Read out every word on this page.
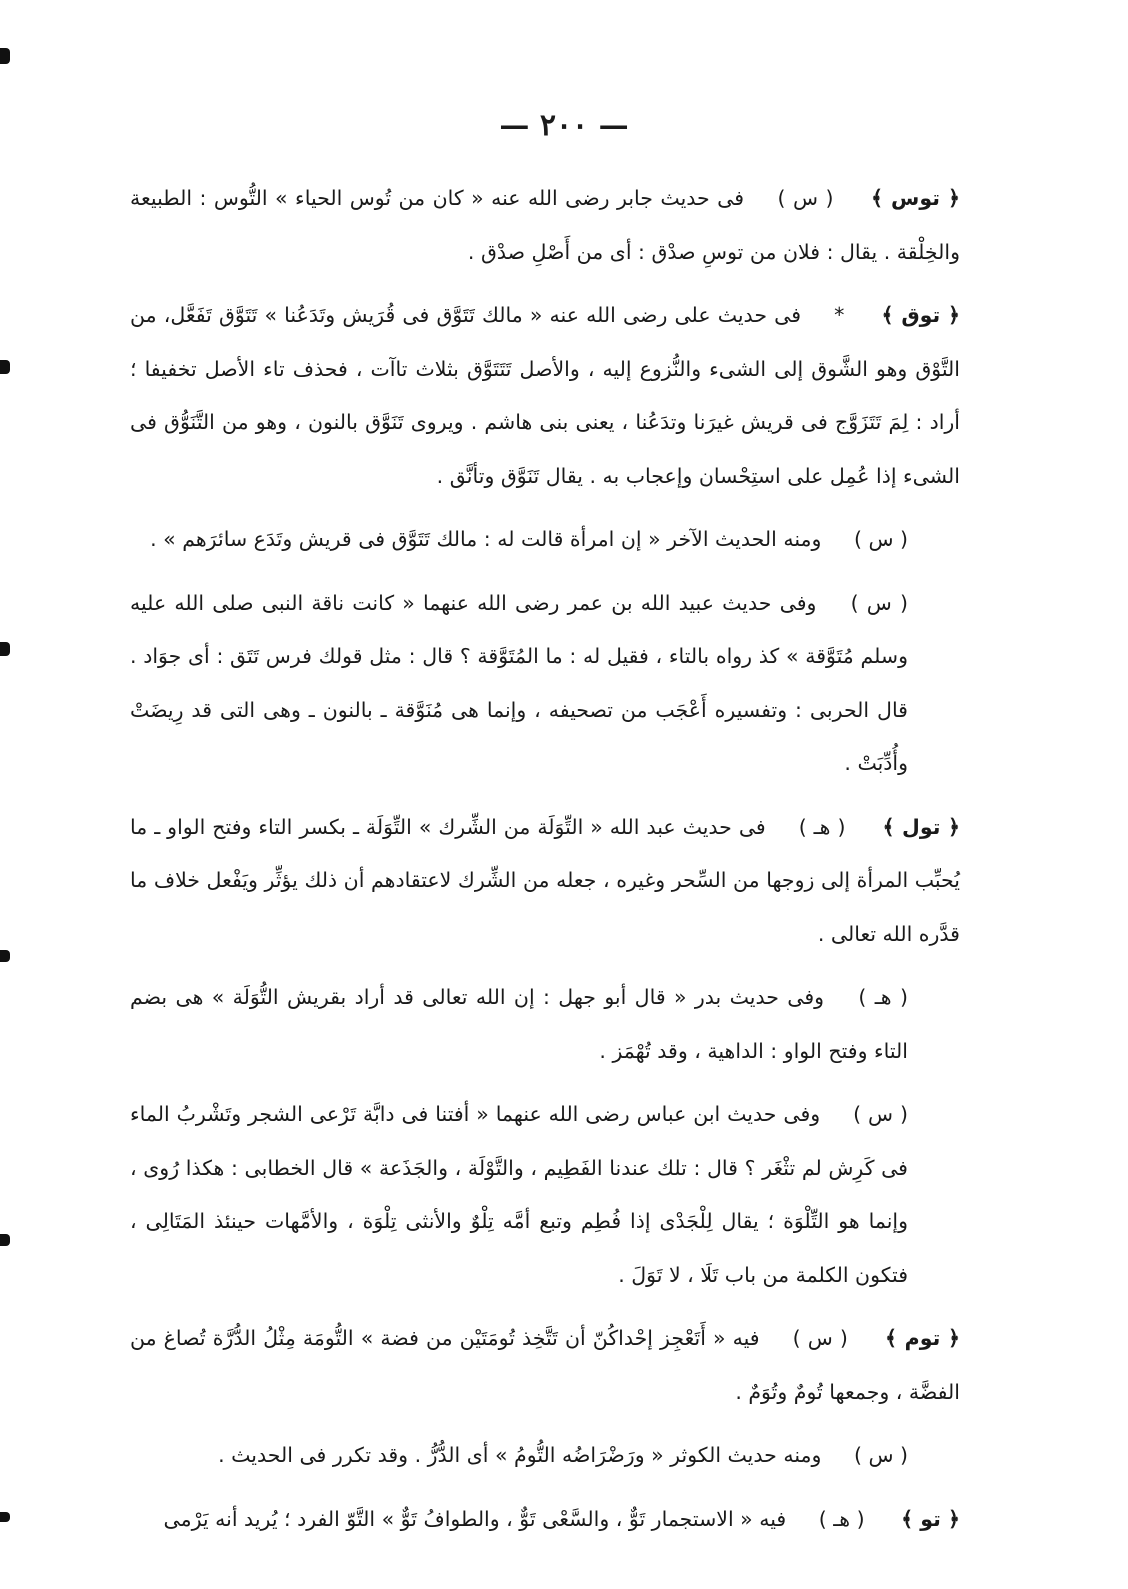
— ٢٠٠ —

﴿ توس ﴾ ( س ) فى حديث جابر رضى الله عنه « كان من تُوس الحياء » التُّوس : الطبيعة والخِلْقة . يقال : فلان من توسِ صدْق : أى من أَصْلِ صدْق .

﴿ توق ﴾ * فى حديث على رضى الله عنه « مالك تَتَوَّق فى قُرَيش وتَدَعُنا » تَتَوَّق تَفَعَّل، من التَّوْق وهو الشَّوق إلى الشىء والنُّزوع إليه ، والأصل تَتَتَوَّق بثلاث تاآت ، فحذف تاء الأصل تخفيفا ؛ أراد : لِمَ تَتَزَوَّج فى قريش غيرَنا وتدَعُنا ، يعنى بنى هاشم . ويروى تَنَوَّق بالنون ، وهو من التَّنَوُّق فى الشىء إذا عُمِل على استِحْسان وإعجاب به . يقال تَنَوَّق وتأنَّق .

( س ) ومنه الحديث الآخر « إن امرأة قالت له : مالك تَتَوَّق فى قريش وتَدَع سائرَهم » .

( س ) وفى حديث عبيد الله بن عمر رضى الله عنهما « كانت ناقة النبى صلى الله عليه وسلم مُتَوَّقة » كذ رواه بالتاء ، فقيل له : ما المُتَوَّقة ؟ قال : مثل قولك فرس تَتَق : أى جوَاد . قال الحربى : وتفسيره أَعْجَب من تصحيفه ، وإنما هى مُنَوَّقة ـ بالنون ـ وهى التى قد رِيضَتْ وأُدِّبَتْ .

﴿ تول ﴾ ( هـ ) فى حديث عبد الله « التِّوَلَة من الشِّرك » التِّوَلَة ـ بكسر التاء وفتح الواو ـ ما يُحبِّب المرأة إلى زوجها من السِّحر وغيره ، جعله من الشِّرك لاعتقادهم أن ذلك يؤثِّر ويَفْعل خلاف ما قدَّره الله تعالى .

( هـ ) وفى حديث بدر « قال أبو جهل : إن الله تعالى قد أراد بقريش التُّوَلَة » هى بضم التاء وفتح الواو : الداهية ، وقد تُهْمَز .

( س ) وفى حديث ابن عباس رضى الله عنهما « أفتنا فى دابَّة تَرْعى الشجر وتَشْربُ الماء فى كَرِش لم تثْغَر ؟ قال : تلك عندنا الفَطِيم ، والتَّوْلَة ، والجَذَعة » قال الخطابى : هكذا رُوى ، وإنما هو التِّلْوَة ؛ يقال لِلْجَدْى إذا فُطِم وتبع أمَّه تِلْوٌ والأنثى تِلْوَة ، والأمَّهات حينئذ المَتَالِى ، فتكون الكلمة من باب تَلَا ، لا تَوَلَ .

﴿ توم ﴾ ( س ) فيه « أَتَعْجِز إحْداكُنّ أن تَتَّخِذ تُومَتَيْن من فضة » التُّومَة مِثْلُ الدُّرَّة تُصاغ من الفضَّة ، وجمعها تُومٌ وتُوَمٌ .

( س ) ومنه حديث الكوثر « ورَضْرَاضُه التُّومُ » أى الدُّرُّ . وقد تكرر فى الحديث .

﴿ تو ﴾ ( هـ ) فيه « الاستجمار تَوٌّ ، والسَّعْى تَوٌّ ، والطوافُ تَوٌّ » التَّوّ الفرد ؛ يُريد أنه يَرْمى
